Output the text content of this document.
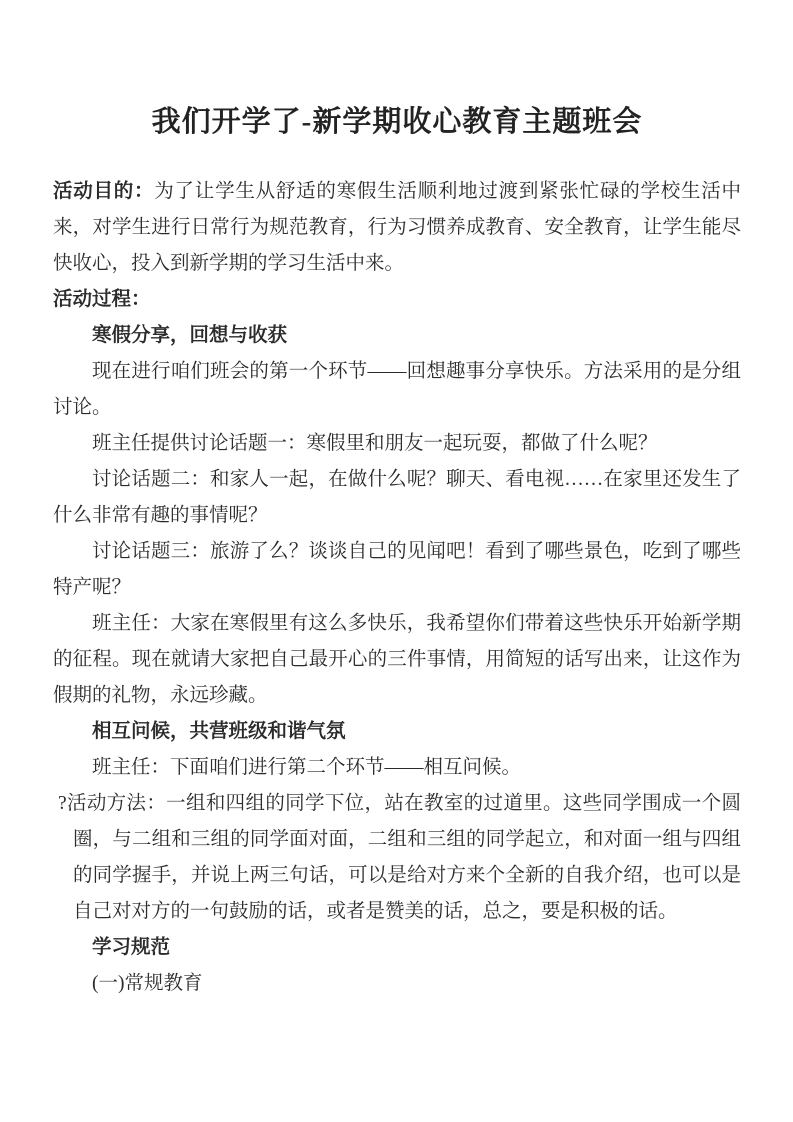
我们开学了-新学期收心教育主题班会

活动目的：为了让学生从舒适的寒假生活顺利地过渡到紧张忙碌的学校生活中来，对学生进行日常行为规范教育，行为习惯养成教育、安全教育，让学生能尽快收心，投入到新学期的学习生活中来。

活动过程：

寒假分享，回想与收获

现在进行咱们班会的第一个环节——回想趣事分享快乐。方法采用的是分组讨论。

班主任提供讨论话题一：寒假里和朋友一起玩耍，都做了什么呢？

讨论话题二：和家人一起，在做什么呢？聊天、看电视……在家里还发生了什么非常有趣的事情呢？

讨论话题三：旅游了么？谈谈自己的见闻吧！看到了哪些景色，吃到了哪些特产呢？

班主任：大家在寒假里有这么多快乐，我希望你们带着这些快乐开始新学期的征程。现在就请大家把自己最开心的三件事情，用简短的话写出来，让这作为假期的礼物，永远珍藏。

相互问候，共营班级和谐气氛

班主任：下面咱们进行第二个环节——相互问候。

?活动方法：一组和四组的同学下位，站在教室的过道里。这些同学围成一个圆圈，与二组和三组的同学面对面，二组和三组的同学起立，和对面一组与四组的同学握手，并说上两三句话，可以是给对方来个全新的自我介绍，也可以是自己对对方的一句鼓励的话，或者是赞美的话，总之，要是积极的话。

学习规范

(一)常规教育
